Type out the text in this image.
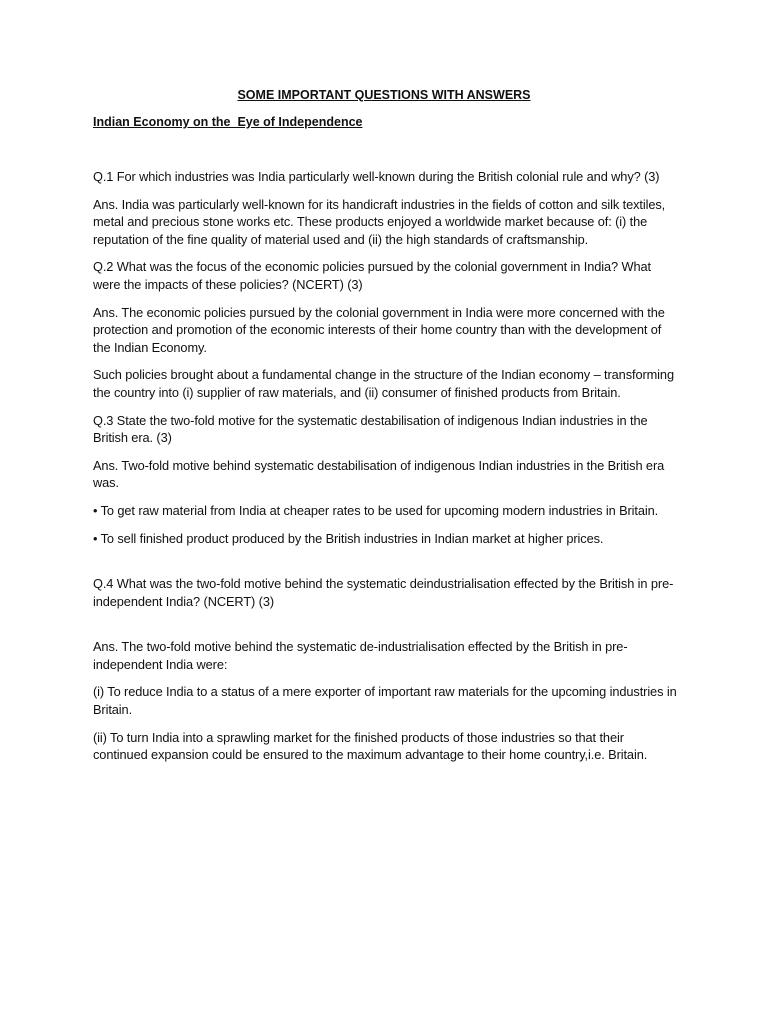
SOME IMPORTANT QUESTIONS WITH ANSWERS
Indian Economy on the  Eye of Independence

Q.1 For which industries was India particularly well-known during the British colonial rule and why? (3)

Ans. India was particularly well-known for its handicraft industries in the fields of cotton and silk textiles, metal and precious stone works etc. These products enjoyed a worldwide market because of: (i) the reputation of the fine quality of material used and (ii) the high standards of craftsmanship.

Q.2 What was the focus of the economic policies pursued by the colonial government in India? What were the impacts of these policies? (NCERT) (3)

Ans. The economic policies pursued by the colonial government in India were more concerned with the protection and promotion of the economic interests of their home country than with the development of the Indian Economy.

Such policies brought about a fundamental change in the structure of the Indian economy – transforming the country into (i) supplier of raw materials, and (ii) consumer of finished products from Britain.

Q.3 State the two-fold motive for the systematic destabilisation of indigenous Indian industries in the British era. (3)

Ans. Two-fold motive behind systematic destabilisation of indigenous Indian industries in the British era was.

• To get raw material from India at cheaper rates to be used for upcoming modern industries in Britain.

• To sell finished product produced by the British industries in Indian market at higher prices.

Q.4 What was the two-fold motive behind the systematic deindustrialisation effected by the British in pre- independent India? (NCERT) (3)

Ans. The two-fold motive behind the systematic de-industrialisation effected by the British in pre-independent India were:

(i) To reduce India to a status of a mere exporter of important raw materials for the upcoming industries in Britain.

(ii) To turn India into a sprawling market for the finished products of those industries so that their continued expansion could be ensured to the maximum advantage to their home country,i.e. Britain.
